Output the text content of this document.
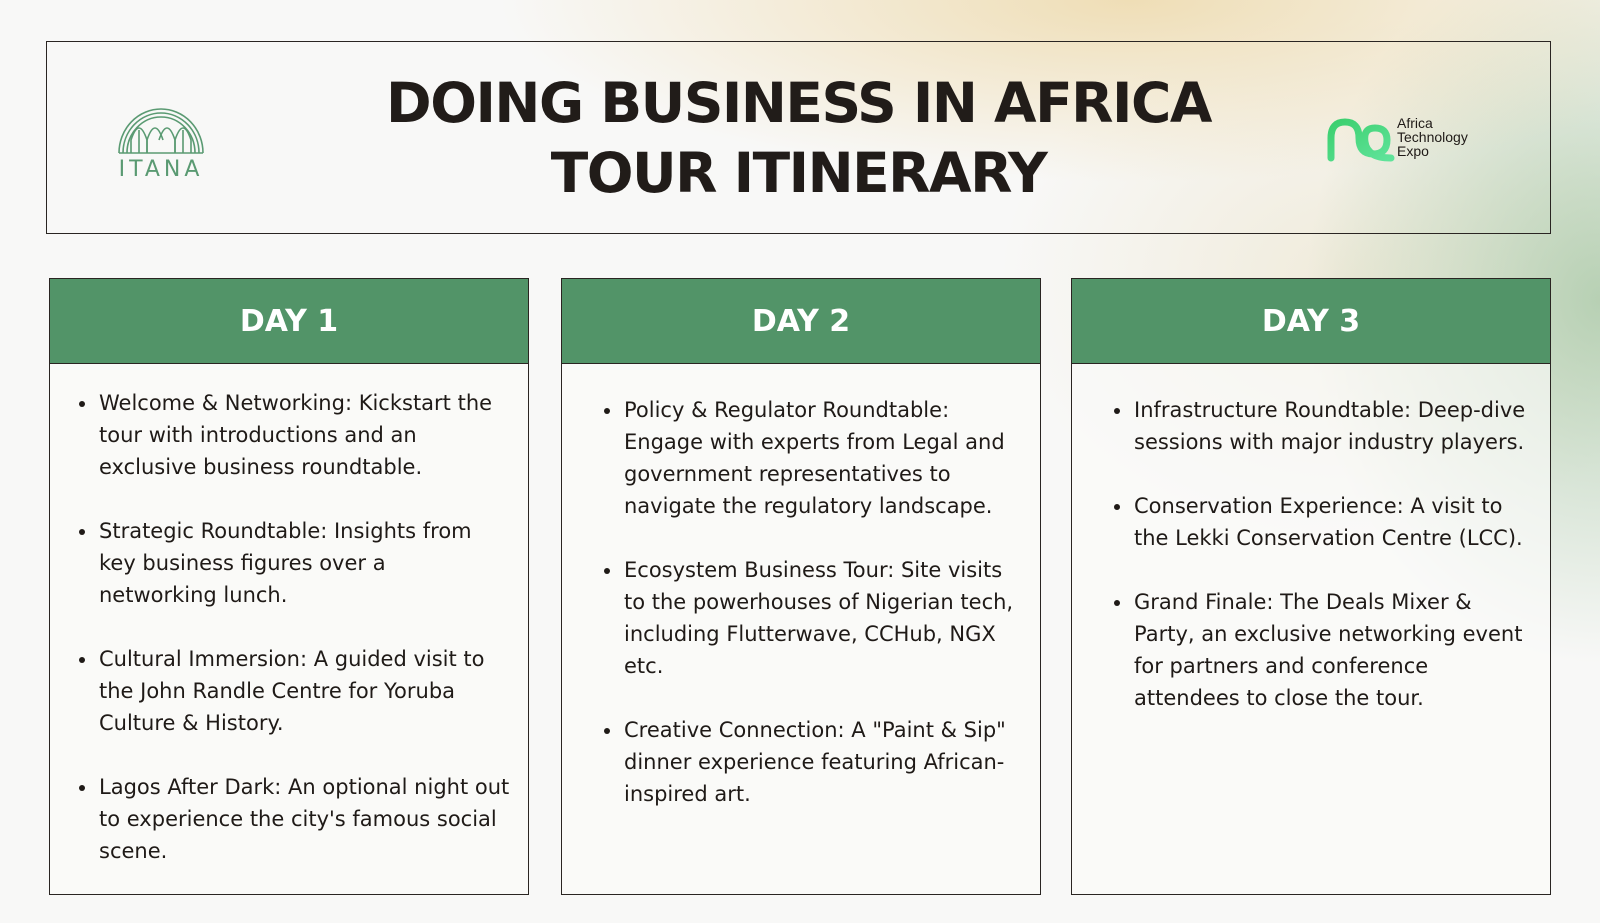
ITANA
DOING BUSINESS IN AFRICA
TOUR ITINERARY
Africa
Technology
Expo
DAY 1
Welcome & Networking: Kickstart the tour with introductions and an exclusive business roundtable.
Strategic Roundtable: Insights from key business figures over a networking lunch.
Cultural Immersion: A guided visit to the John Randle Centre for Yoruba Culture & History.
Lagos After Dark: An optional night out to experience the city's famous social scene.
DAY 2
Policy & Regulator Roundtable: Engage with experts from Legal and government representatives to navigate the regulatory landscape.
Ecosystem Business Tour: Site visits to the powerhouses of Nigerian tech, including Flutterwave, CCHub, NGX etc.
Creative Connection: A "Paint & Sip" dinner experience featuring African-inspired art.
DAY 3
Infrastructure Roundtable: Deep-dive sessions with major industry players.
Conservation Experience: A visit to the Lekki Conservation Centre (LCC).
Grand Finale: The Deals Mixer & Party, an exclusive networking event for partners and conference attendees to close the tour.
